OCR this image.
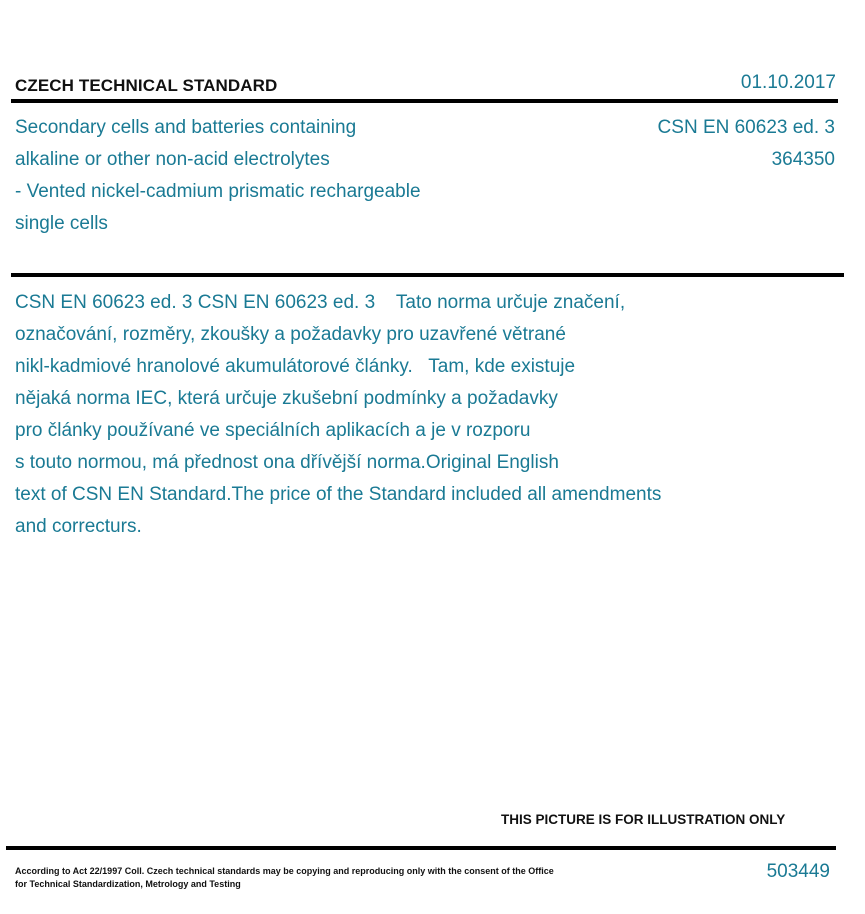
CZECH TECHNICAL STANDARD	01.10.2017
Secondary cells and batteries containing
alkaline or other non-acid electrolytes
- Vented nickel-cadmium prismatic rechargeable
single cells
CSN EN 60623 ed. 3
364350
CSN EN 60623 ed. 3 CSN EN 60623 ed. 3    Tato norma určuje značení,
označování, rozměry, zkoušky a požadavky pro uzavřené větrané
nikl-kadmiové hranolové akumulátorové články.   Tam, kde existuje
nějaká norma IEC, která určuje zkušební podmínky a požadavky
pro články používané ve speciálních aplikacích a je v rozporu
s touto normou, má přednost ona dřívější norma.Original English
text of CSN EN Standard.The price of the Standard included all amendments
and correcturs.
THIS PICTURE IS FOR ILLUSTRATION ONLY
According to Act 22/1997 Coll. Czech technical standards may be copying and reproducing only with the consent of the Office
for Technical Standardization, Metrology and Testing
503449
